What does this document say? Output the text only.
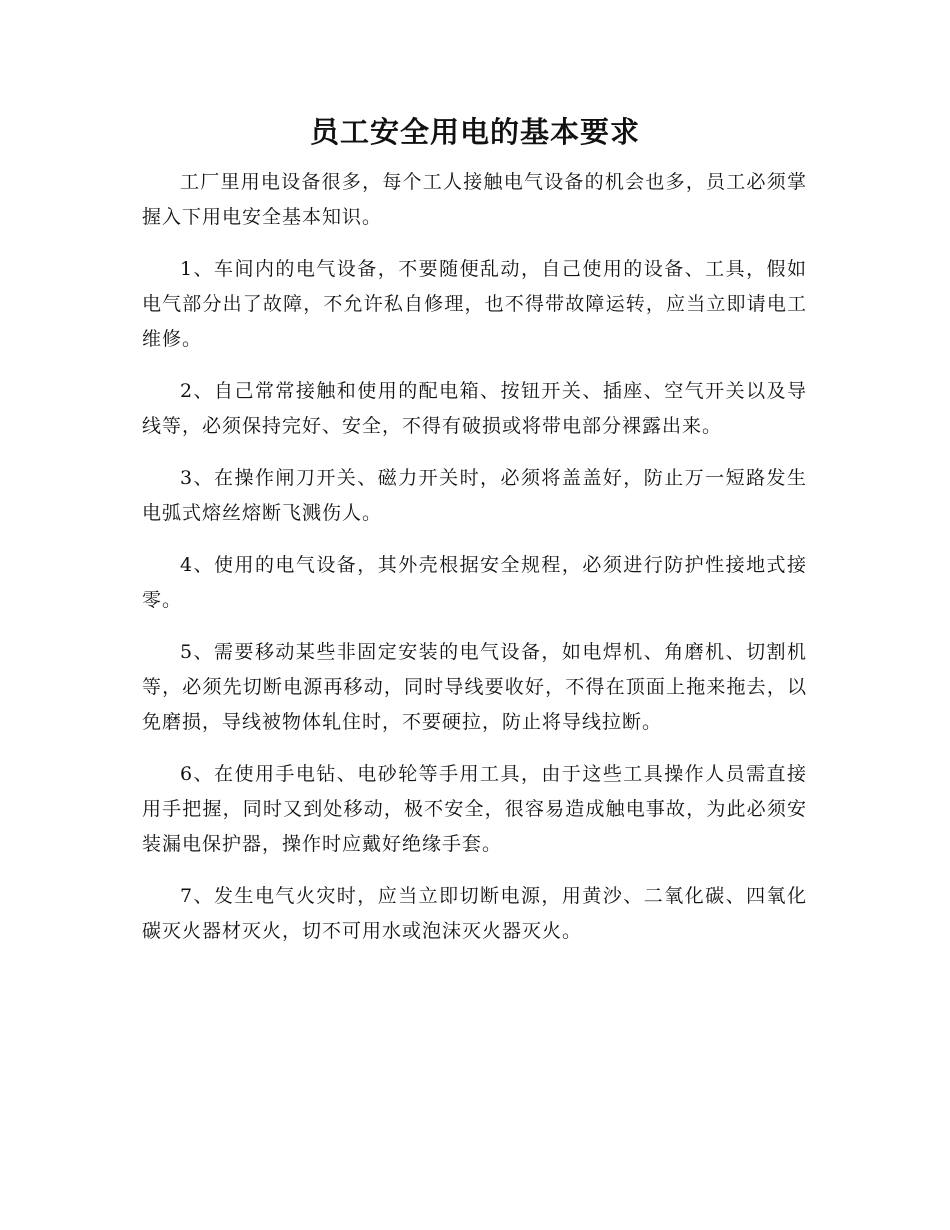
员工安全用电的基本要求

工厂里用电设备很多，每个工人接触电气设备的机会也多，员工必须掌握入下用电安全基本知识。

1、车间内的电气设备，不要随便乱动，自己使用的设备、工具，假如电气部分出了故障，不允许私自修理，也不得带故障运转，应当立即请电工维修。

2、自己常常接触和使用的配电箱、按钮开关、插座、空气开关以及导线等，必须保持完好、安全，不得有破损或将带电部分裸露出来。

3、在操作闸刀开关、磁力开关时，必须将盖盖好，防止万一短路发生电弧式熔丝熔断飞溅伤人。

4、使用的电气设备，其外壳根据安全规程，必须进行防护性接地式接零。

5、需要移动某些非固定安装的电气设备，如电焊机、角磨机、切割机等，必须先切断电源再移动，同时导线要收好，不得在顶面上拖来拖去，以免磨损，导线被物体轧住时，不要硬拉，防止将导线拉断。

6、在使用手电钻、电砂轮等手用工具，由于这些工具操作人员需直接用手把握，同时又到处移动，极不安全，很容易造成触电事故，为此必须安装漏电保护器，操作时应戴好绝缘手套。

7、发生电气火灾时，应当立即切断电源，用黄沙、二氧化碳、四氧化碳灭火器材灭火，切不可用水或泡沫灭火器灭火。
